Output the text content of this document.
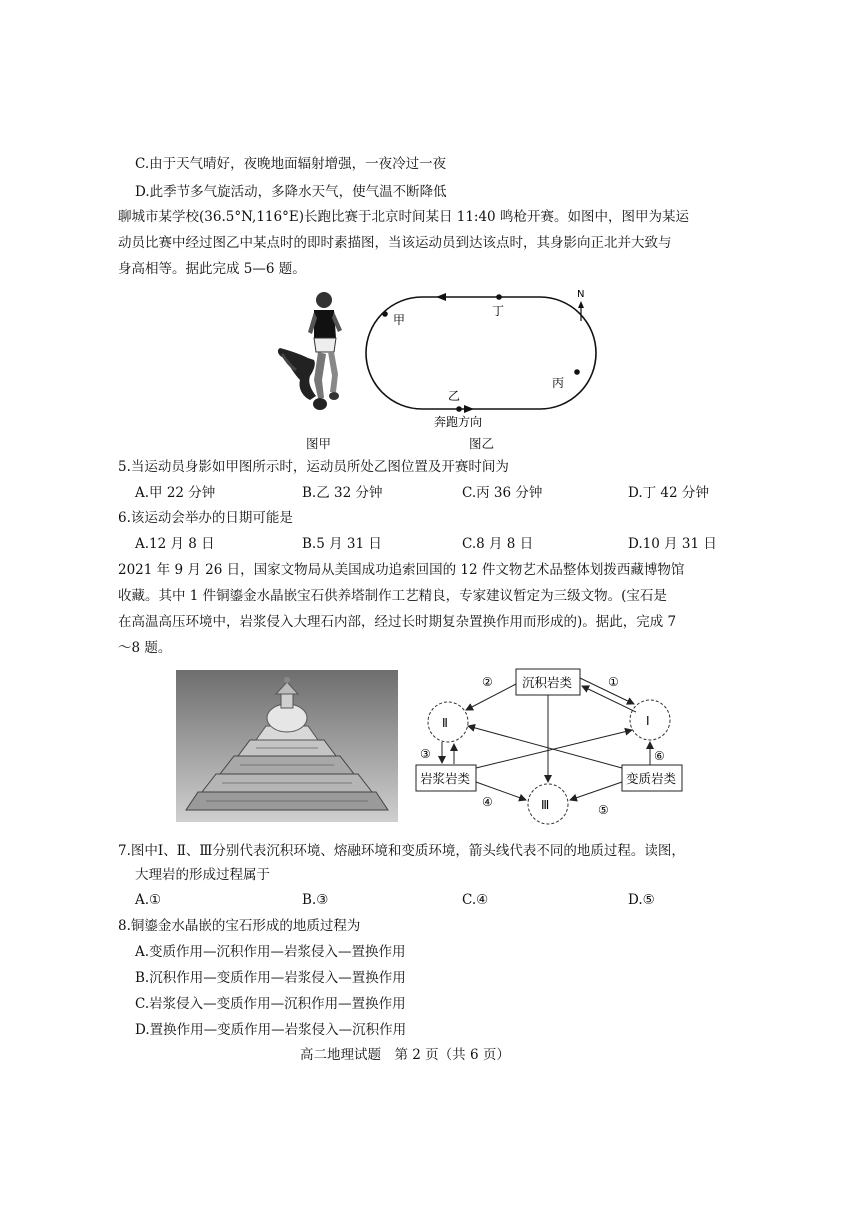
C.由于天气晴好，夜晚地面辐射增强，一夜冷过一夜
D.此季节多气旋活动，多降水天气，使气温不断降低
聊城市某学校(36.5°N,116°E)长跑比赛于北京时间某日 11:40 鸣枪开赛。如图中，图甲为某运
动员比赛中经过图乙中某点时的即时素描图，当该运动员到达该点时，其身影向正北并大致与
身高相等。据此完成 5—6 题。
图甲
甲
丁
丙
乙
N
奔跑方向
图乙
5.当运动员身影如甲图所示时，运动员所处乙图位置及开赛时间为
A.甲 22 分钟	B.乙 32 分钟	C.丙 36 分钟	D.丁 42 分钟
6.该运动会举办的日期可能是
A.12 月 8 日	B.5 月 31 日	C.8 月 8 日	D.10 月 31 日
2021 年 9 月 26 日，国家文物局从美国成功追索回国的 12 件文物艺术品整体划拨西藏博物馆
收藏。其中 1 件铜鎏金水晶嵌宝石供养塔制作工艺精良，专家建议暂定为三级文物。(宝石是
在高温高压环境中，岩浆侵入大理石内部，经过长时期复杂置换作用而形成的)。据此，完成 7
～8 题。
沉积岩类
岩浆岩类	变质岩类
Ⅱ	Ⅰ
Ⅲ
①
②
③
④
⑤
⑥
7.图中Ⅰ、Ⅱ、Ⅲ分别代表沉积环境、熔融环境和变质环境，箭头线代表不同的地质过程。读图，
大理岩的形成过程属于
A.①	B.③	C.④	D.⑤
8.铜鎏金水晶嵌的宝石形成的地质过程为
A.变质作用—沉积作用—岩浆侵入—置换作用
B.沉积作用—变质作用—岩浆侵入—置换作用
C.岩浆侵入—变质作用—沉积作用—置换作用
D.置换作用—变质作用—岩浆侵入—沉积作用
高二地理试题　第 2 页（共 6 页）
